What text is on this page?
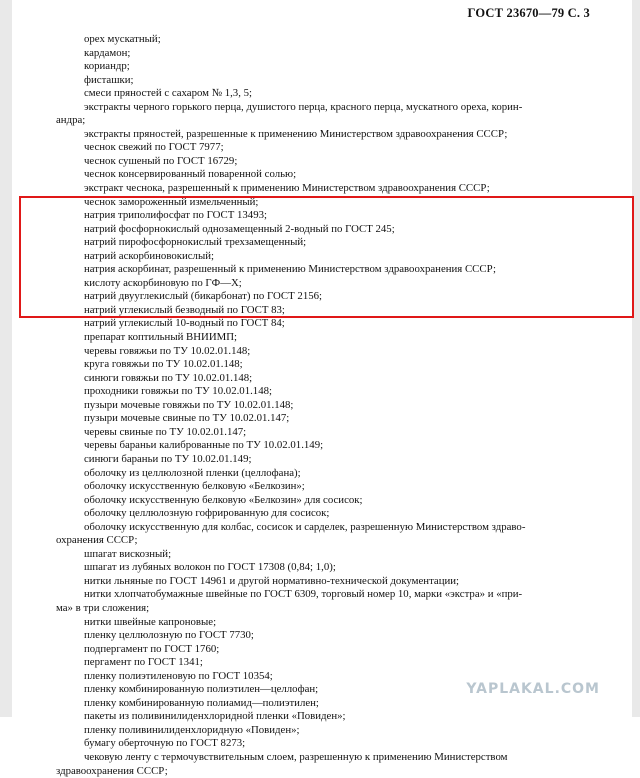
ГОСТ 23670—79 С. 3
орех мускатный;
кардамон;
кориандр;
фисташки;
смеси пряностей с сахаром № 1,3, 5;
экстракты черного горького перца, душистого перца, красного перца, мускатного ореха, корин-
андра;
экстракты пряностей, разрешенные к применению Министерством здравоохранения СССР;
чеснок свежий по ГОСТ 7977;
чеснок сушеный по ГОСТ 16729;
чеснок консервированный поваренной солью;
экстракт чеснока, разрешенный к применению Министерством здравоохранения СССР;
чеснок замороженный измельченный;
натрия триполифосфат по ГОСТ 13493;
натрий фосфорнокислый однозамещенный 2-водный по ГОСТ 245;
натрий пирофосфорнокислый трехзамещенный;
натрий аскорбиновокислый;
натрия аскорбинат, разрешенный к применению Министерством здравоохранения СССР;
кислоту аскорбиновую по ГФ—X;
натрий двууглекислый (бикарбонат) по ГОСТ 2156;
натрий углекислый безводный по ГОСТ 83;
натрий углекислый 10-водный по ГОСТ 84;
препарат коптильный ВНИИМП;
черевы говяжьи по ТУ 10.02.01.148;
круга говяжьи по ТУ 10.02.01.148;
синюги говяжьи по ТУ 10.02.01.148;
проходники говяжьи по ТУ 10.02.01.148;
пузыри мочевые говяжьи по ТУ 10.02.01.148;
пузыри мочевые свиные по ТУ 10.02.01.147;
черевы свиные по ТУ 10.02.01.147;
черевы бараньи калиброванные по ТУ 10.02.01.149;
синюги бараньи по ТУ 10.02.01.149;
оболочку из целлюлозной пленки (целлофана);
оболочку искусственную белковую «Белкозин»;
оболочку искусственную белковую «Белкозин» для сосисок;
оболочку целлюлозную гофрированную для сосисок;
оболочку искусственную для колбас, сосисок и сарделек, разрешенную Министерством здраво-
охранения СССР;
шпагат вискозный;
шпагат из лубяных волокон по ГОСТ 17308 (0,84; 1,0);
нитки льняные по ГОСТ 14961 и другой нормативно-технической документации;
нитки хлопчатобумажные швейные по ГОСТ 6309, торговый номер 10, марки «экстра» и «при-
ма» в три сложения;
нитки швейные капроновые;
пленку целлюлозную по ГОСТ 7730;
подпергамент по ГОСТ 1760;
пергамент по ГОСТ 1341;
пленку полиэтиленовую по ГОСТ 10354;
пленку комбинированную полиэтилен—целлофан;
пленку комбинированную полиамид—полиэтилен;
пакеты из поливинилиденхлоридной пленки «Повиден»;
пленку поливинилиденхлоридную «Повиден»;
бумагу оберточную по ГОСТ 8273;
чековую ленту с термочувствительным слоем, разрешенную к применению Министерством
здравоохранения СССР;
YAPLAKAL.COM
